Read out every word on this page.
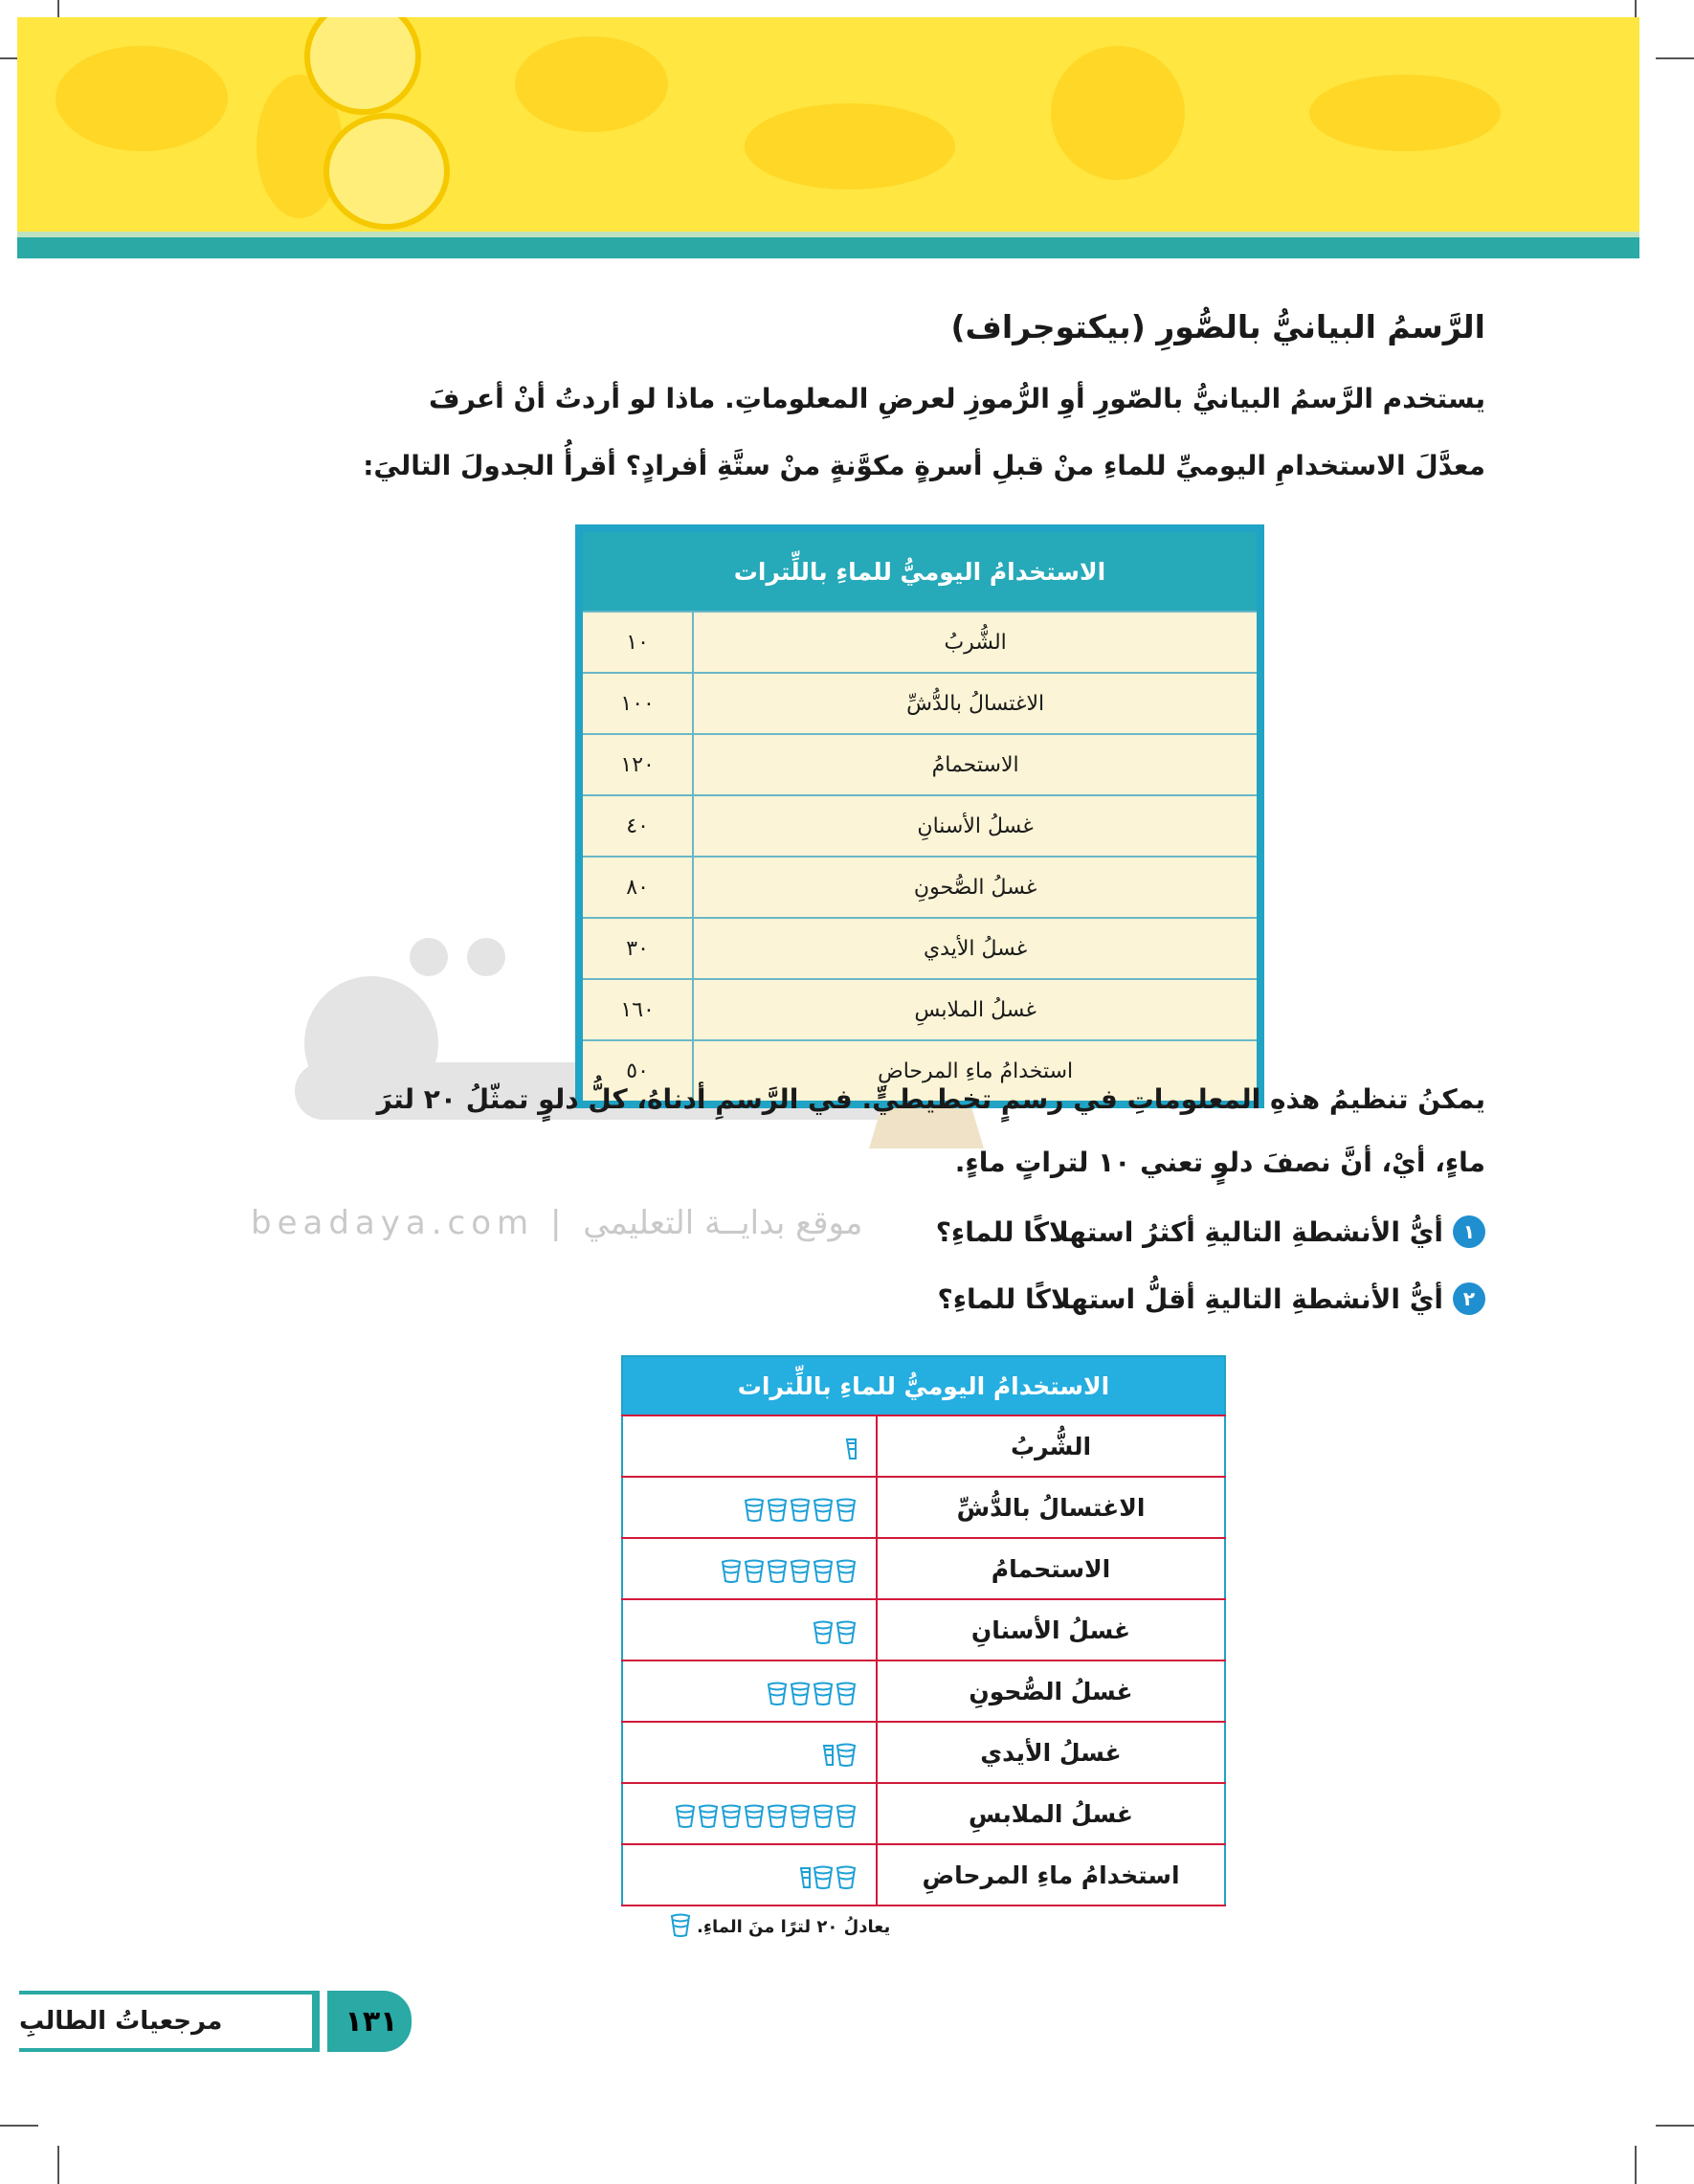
beadaya.com | موقع بدايــة التعليمي
الرَّسمُ البيانيُّ بالصُّورِ (بيكتوجراف)
يستخدم الرَّسمُ البيانيُّ بالصّورِ أوِ الرُّموزِ لعرضِ المعلوماتِ. ماذا لو أردتُ أنْ أعرفَ
معدَّلَ الاستخدامِ اليوميِّ للماءِ منْ قبلِ أسرةٍ مكوَّنةٍ منْ ستَّةِ أفرادٍ؟ أقرأُ الجدولَ التاليَ:
الاستخدامُ اليوميُّ للماءِ باللِّترات	
الشُّربُ	١٠
الاغتسالُ بالدُّشِّ	١٠٠
الاستحمامُ	١٢٠
غسلُ الأسنانِ	٤٠
غسلُ الصُّحونِ	٨٠
غسلُ الأيدي	٣٠
غسلُ الملابسِ	١٦٠
استخدامُ ماءِ المرحاضِ	٥٠
يمكنُ تنظيمُ هذهِ المعلوماتِ في رسمٍ تخطيطيٍّ. في الرَّسمِ أدناهُ، كلُّ دلوٍ تمثّلُ ٢٠ لترَ
ماءٍ، أيْ، أنَّ نصفَ دلوٍ تعني ١٠ لتراتٍ ماءٍ.
١
أيُّ الأنشطةِ التاليةِ أكثرُ استهلاكًا للماءِ؟
٢
أيُّ الأنشطةِ التاليةِ أقلُّ استهلاكًا للماءِ؟
الاستخدامُ اليوميُّ للماءِ باللِّترات	
الشُّربُ	

الاغتسالُ بالدُّشِّ	

الاستحمامُ	

غسلُ الأسنانِ	

غسلُ الصُّحونِ	

غسلُ الأيدي	

غسلُ الملابسِ	

استخدامُ ماءِ المرحاضِ	
يعادلُ ٢٠ لترًا منَ الماءِ.
مرجعياتُ الطالبِ	١٣١
